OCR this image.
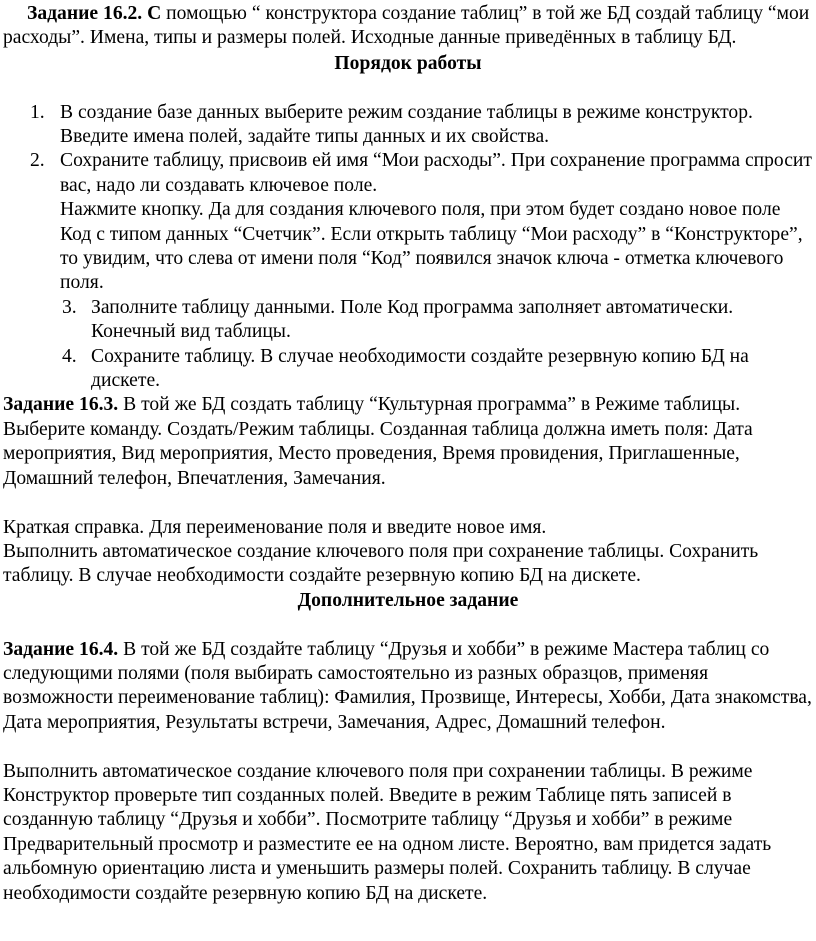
Задание 16.2. С помощью “ конструктора создание таблиц” в той же БД создай таблицу “мои расходы”. Имена, типы и размеры полей. Исходные данные приведённых в таблицу БД.

Порядок работы

1. В создание базе данных выберите режим создание таблицы в режиме конструктор. Введите имена полей, задайте типы данных и их свойства.
2. Сохраните таблицу, присвоив ей имя “Мои расходы”. При сохранение программа спросит вас, надо ли создавать ключевое поле.

Нажмите кнопку. Да для создания ключевого поля, при этом будет создано новое поле Код с типом данных “Счетчик”. Если открыть таблицу “Мои расходу” в “Конструкторе”, то увидим, что слева от имени поля “Код” появился значок ключа - отметка ключевого поля.

3. Заполните таблицу данными. Поле Код программа заполняет автоматически. Конечный вид таблицы.
4. Сохраните таблицу. В случае необходимости создайте резервную копию БД на дискете.

Задание 16.3. В той же БД создать таблицу “Культурная программа” в Режиме таблицы. Выберите команду. Создать/Режим таблицы. Созданная таблица должна иметь поля: Дата мероприятия, Вид мероприятия, Место проведения, Время провидения, Приглашенные, Домашний телефон, Впечатления, Замечания.

Краткая справка. Для переименование поля и введите новое имя.

Выполнить автоматическое создание ключевого поля при сохранение таблицы. Сохранить таблицу. В случае необходимости создайте резервную копию БД на дискете.

Дополнительное задание

Задание 16.4. В той же БД создайте таблицу “Друзья и хобби” в режиме Мастера таблиц со следующими полями (поля выбирать самостоятельно из разных образцов, применяя возможности переименование таблиц): Фамилия, Прозвище, Интересы, Хобби, Дата знакомства, Дата мероприятия, Результаты встречи, Замечания, Адрес, Домашний телефон.

Выполнить автоматическое создание ключевого поля при сохранении таблицы. В режиме Конструктор проверьте тип созданных полей. Введите в режим Таблице пять записей в созданную таблицу “Друзья и хобби”. Посмотрите таблицу “Друзья и хобби” в режиме Предварительный просмотр и разместите ее на одном листе. Вероятно, вам придется задать альбомную ориентацию листа и уменьшить размеры полей. Сохранить таблицу. В случае необходимости создайте резервную копию БД на дискете.
